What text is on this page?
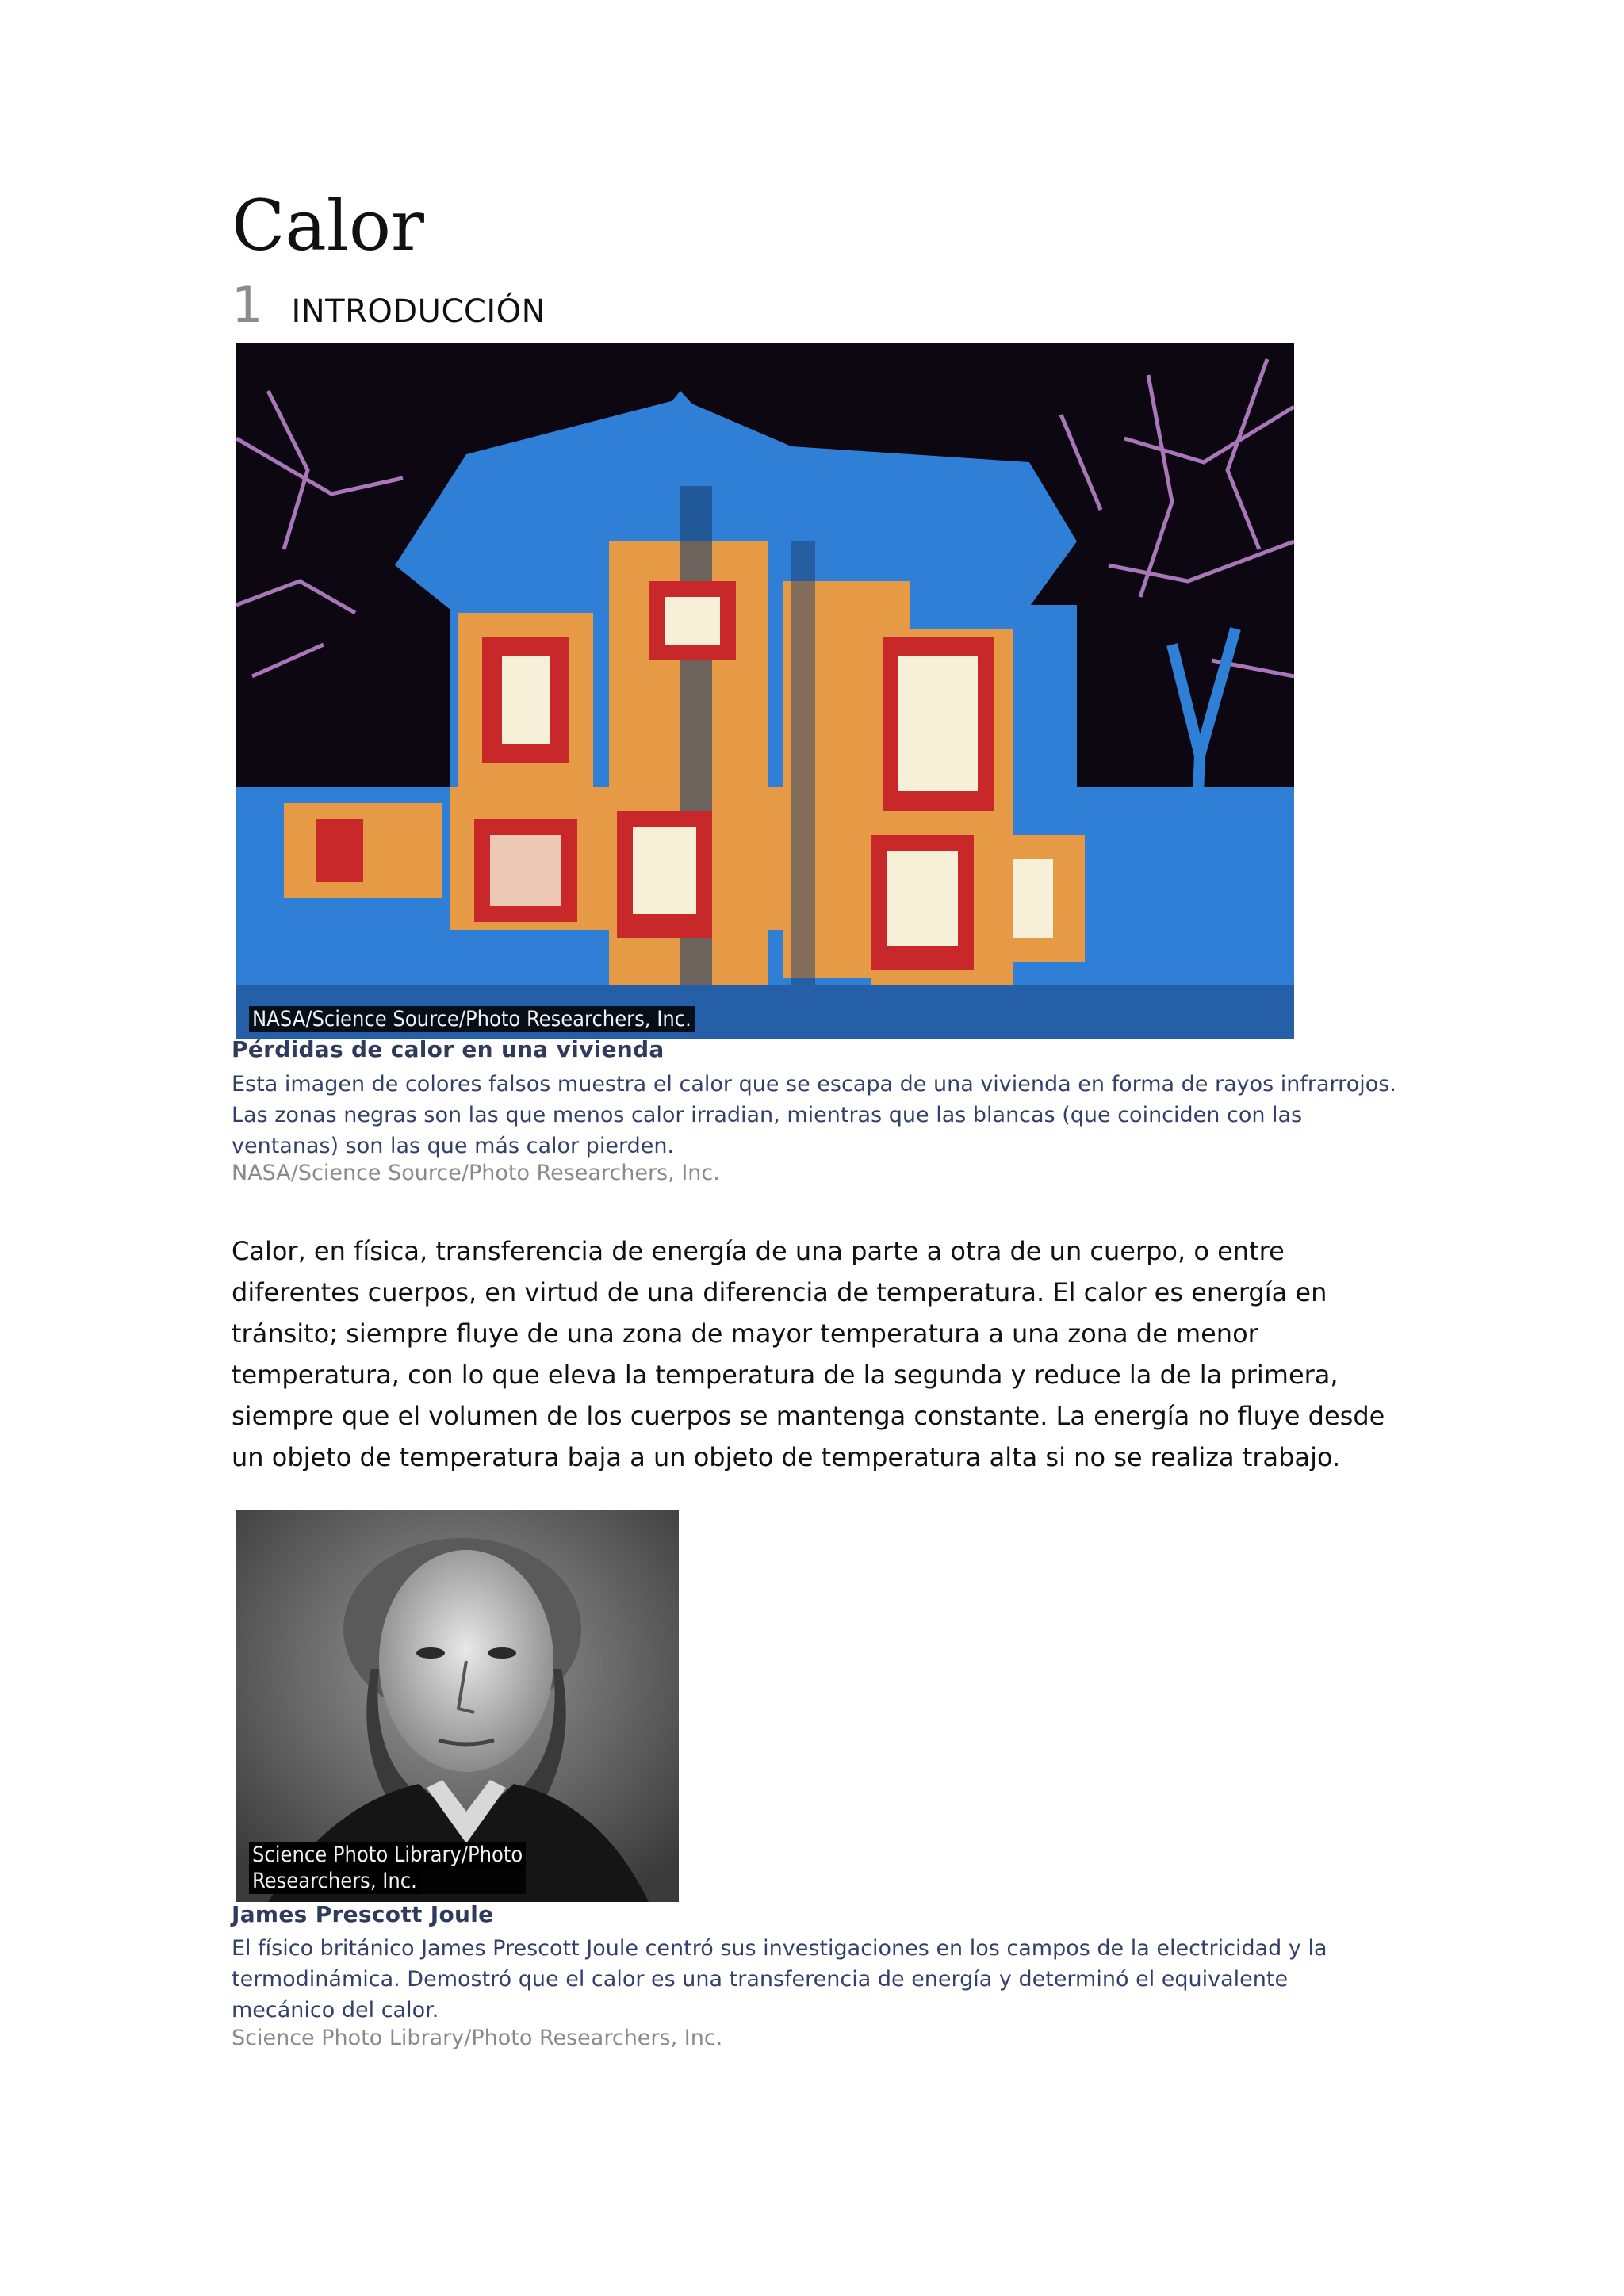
Calor
1 INTRODUCCIÓN
NASA/Science Source/Photo Researchers, Inc.

Pérdidas de calor en una vivienda

Esta imagen de colores falsos muestra el calor que se escapa de una vivienda en forma de rayos infrarrojos. Las zonas negras son las que menos calor irradian, mientras que las blancas (que coinciden con las ventanas) son las que más calor pierden.

NASA/Science Source/Photo Researchers, Inc.

Calor, en física, transferencia de energía de una parte a otra de un cuerpo, o entre diferentes cuerpos, en virtud de una diferencia de temperatura. El calor es energía en tránsito; siempre fluye de una zona de mayor temperatura a una zona de menor temperatura, con lo que eleva la temperatura de la segunda y reduce la de la primera, siempre que el volumen de los cuerpos se mantenga constante. La energía no fluye desde un objeto de temperatura baja a un objeto de temperatura alta si no se realiza trabajo.

Science Photo Library/Photo
Researchers, Inc.

James Prescott Joule

El físico británico James Prescott Joule centró sus investigaciones en los campos de la electricidad y la termodinámica. Demostró que el calor es una transferencia de energía y determinó el equivalente mecánico del calor.

Science Photo Library/Photo Researchers, Inc.
